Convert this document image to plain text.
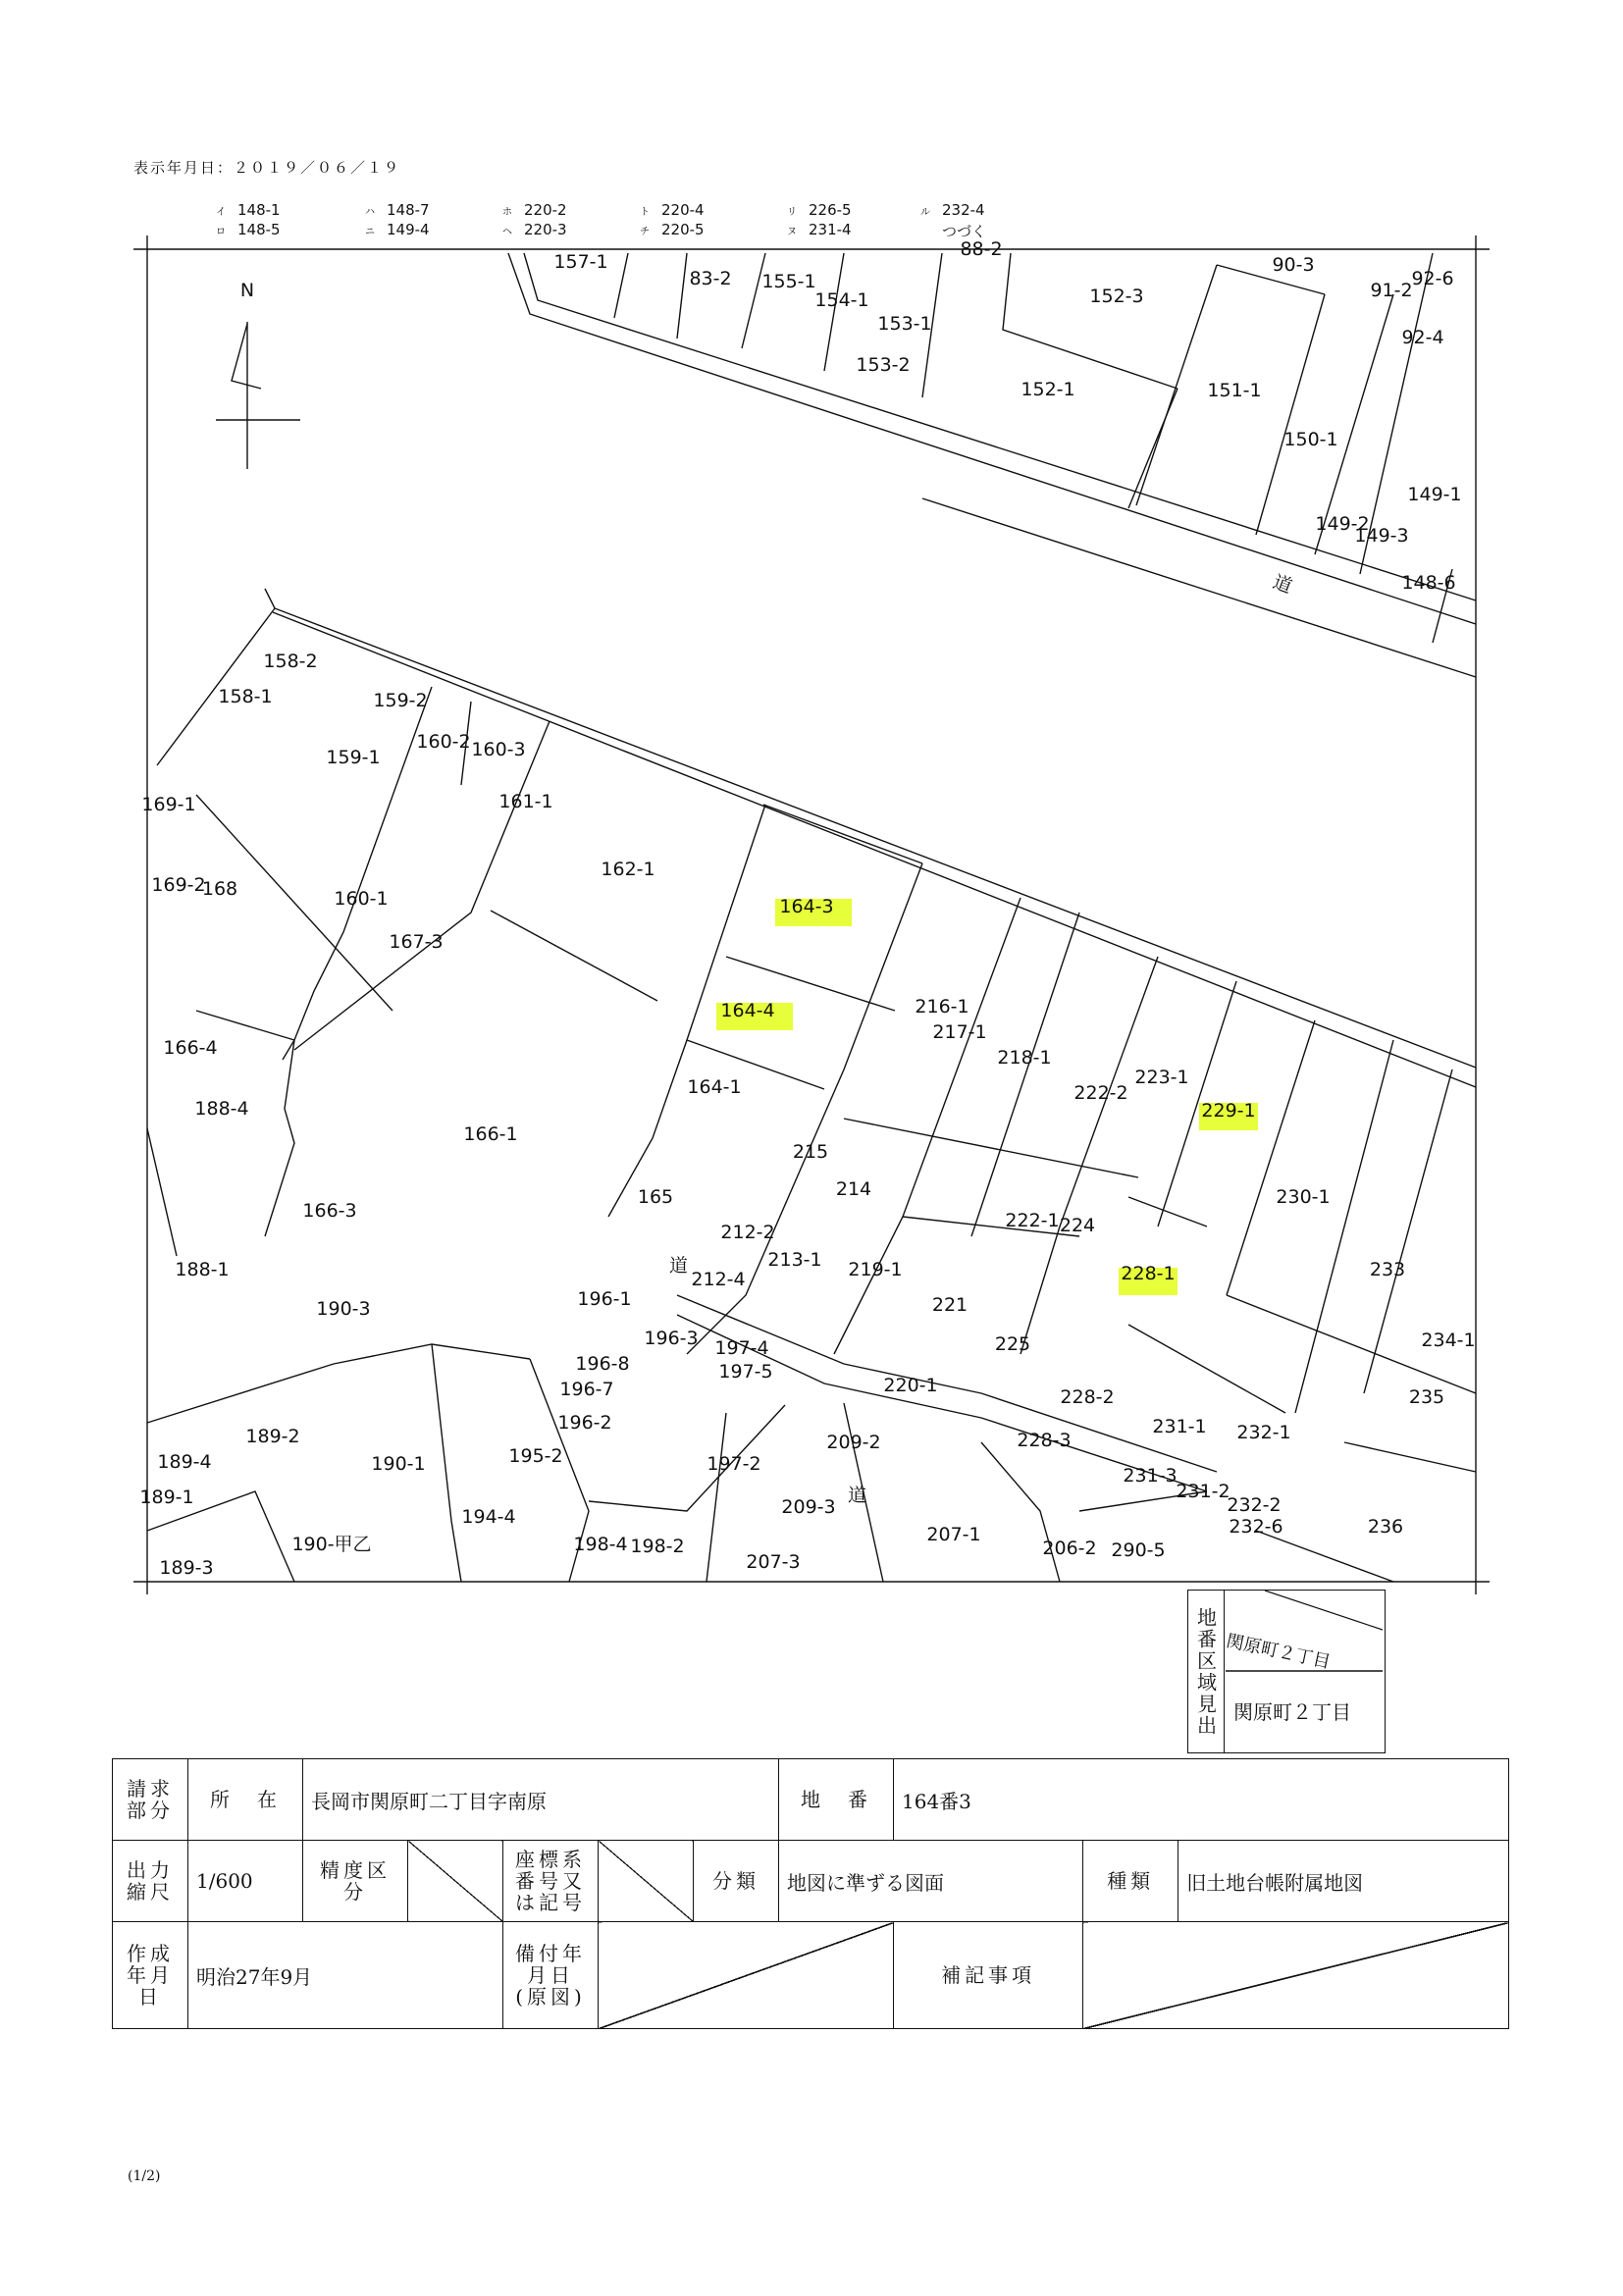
表示年月日：２０１９／０６／１９
イ 148-1
ロ 148-5
ハ 148-7
ニ 149-4
ホ 220-2
ヘ 220-3
ト 220-4
チ 220-5
リ 226-5
ヌ 231-4
ル 232-4
つづく
N
道
道
道
157-1
83-2 155-1
154-1
153-1
153-2
88-2
152-3
90-3
91-2
92-6
92-4
152-1	151-1
150-1
149-1
149-2
149-3
148-6
158-2
158-1	159-2
159-1
160-2 160-3
161-1
162-1
169-1
169-2
168	160-1
167-3
164-3
164-4
164-1
166-4
188-4
166-1
165
166-3
188-1
190-3
216-1
217-1
218-1
222-1
222-2
223-1
229-1
230-1
215
214
212-2
213-1
212-4	219-1
221
224
228-1	233
234-1
196-1
196-3
196-8
196-7
196-2
197-4
197-5
220-1
225
228-2	235
228-3
231-1 232-1
189-4
189-2
189-1
190-1	195-2	197-2
209-2
231-3
231-2
232-2
232-6	236
194-4
198-4 198-2
209-3
207-1
207-3
206-2 290-5
190-甲乙
189-3
地番区域見出 関原町２丁目
関原町２丁目
請求部分	所　在	長岡市関原町二丁目字南原					地　番	164番3		
出力縮尺	1/600	精度区分		座標系番号又は記号		分類	地図に準ずる図面		種類	旧土地台帳附属地図
作成年月日	明治27年9月			備付年月日(原図)				補記事項		
(1/2)
